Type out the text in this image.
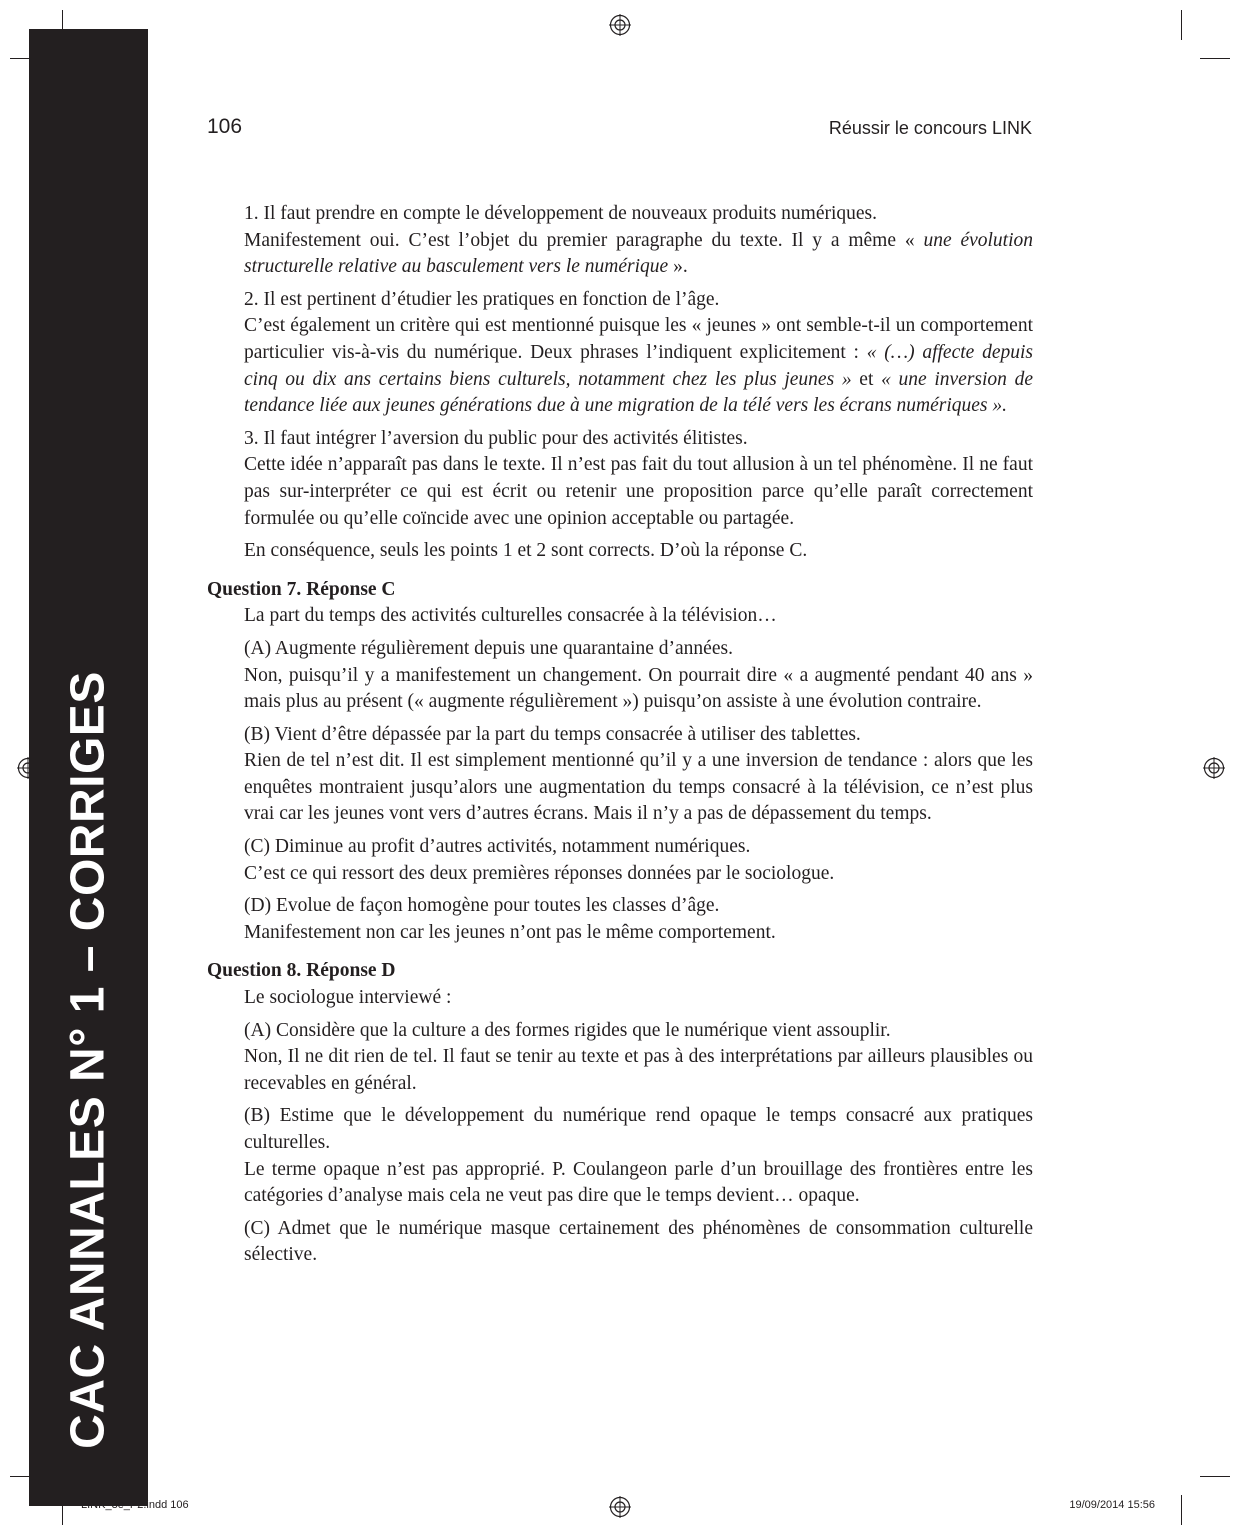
CAC ANNALES N° 1 – CORRIGES
106	Réussir le concours LINK

1. Il faut prendre en compte le développement de nouveaux produits numériques.

Manifestement oui. C’est l’objet du premier paragraphe du texte. Il y a même « une évolution structurelle relative au basculement vers le numérique ».

2. Il est pertinent d’étudier les pratiques en fonction de l’âge.

C’est également un critère qui est mentionné puisque les « jeunes » ont semble-t-il un comportement particulier vis-à-vis du numérique. Deux phrases l’indiquent explicitement : « (…) affecte depuis cinq ou dix ans certains biens culturels, notamment chez les plus jeunes » et « une inversion de tendance liée aux jeunes générations due à une migration de la télé vers les écrans numériques ».

3. Il faut intégrer l’aversion du public pour des activités élitistes.

Cette idée n’apparaît pas dans le texte. Il n’est pas fait du tout allusion à un tel phénomène. Il ne faut pas sur-interpréter ce qui est écrit ou retenir une proposition parce qu’elle paraît correctement formulée ou qu’elle coïncide avec une opinion acceptable ou partagée.

En conséquence, seuls les points 1 et 2 sont corrects. D’où la réponse C.

Question 7. Réponse C
La part du temps des activités culturelles consacrée à la télévision…

(A) Augmente régulièrement depuis une quarantaine d’années.

Non, puisqu’il y a manifestement un changement. On pourrait dire « a augmenté pendant 40 ans » mais plus au présent (« augmente régulièrement ») puisqu’on assiste à une évolution contraire.

(B) Vient d’être dépassée par la part du temps consacrée à utiliser des tablettes.

Rien de tel n’est dit. Il est simplement mentionné qu’il y a une inversion de tendance : alors que les enquêtes montraient jusqu’alors une augmentation du temps consacré à la télévision, ce n’est plus vrai car les jeunes vont vers d’autres écrans. Mais il n’y a pas de dépassement du temps.

(C) Diminue au profit d’autres activités, notamment numériques.

C’est ce qui ressort des deux premières réponses données par le sociologue.

(D) Evolue de façon homogène pour toutes les classes d’âge.

Manifestement non car les jeunes n’ont pas le même comportement.

Question 8. Réponse D
Le sociologue interviewé :

(A) Considère que la culture a des formes rigides que le numérique vient assouplir.

Non, Il ne dit rien de tel. Il faut se tenir au texte et pas à des interprétations par ailleurs plausibles ou recevables en général.

(B) Estime que le développement du numérique rend opaque le temps consacré aux pratiques culturelles.

Le terme opaque n’est pas approprié. P. Coulangeon parle d’un brouillage des frontières entre les catégories d’analyse mais cela ne veut pas dire que le temps devient… opaque.

(C) Admet que le numérique masque certainement des phénomènes de consommation culturelle sélective.

LINK_3e_P2.indd 106	19/09/2014 15:56
